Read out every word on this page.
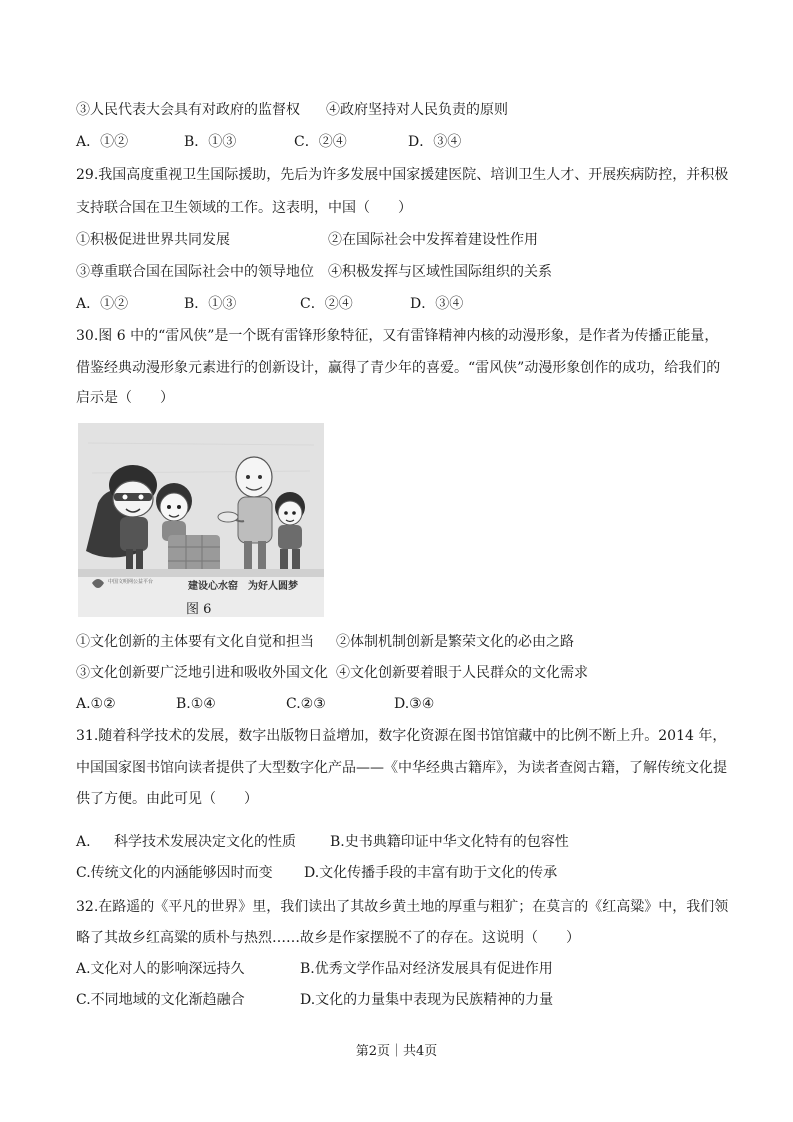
③人民代表大会具有对政府的监督权 ④政府坚持对人民负责的原则
A．①②	B．①③	C．②④	D．③④
29.我国高度重视卫生国际援助，先后为许多发展中国家援建医院、培训卫生人才、开展疾病防控，并积极
支持联合国在卫生领域的工作。这表明，中国（　　）
①积极促进世界共同发展	②在国际社会中发挥着建设性作用
③尊重联合国在国际社会中的领导地位 ④积极发挥与区域性国际组织的关系
A．①②	B．①③	C．②④	D．③④
30.图 6 中的“雷风侠”是一个既有雷锋形象特征，又有雷锋精神内核的动漫形象，是作者为传播正能量，
借鉴经典动漫形象元素进行的创新设计，赢得了青少年的喜爱。“雷风侠”动漫形象创作的成功，给我们的
启示是（　　）
中国文明网公益平台	建设心水窑　为好人圆梦
图 6
①文化创新的主体要有文化自觉和担当 ②体制机制创新是繁荣文化的必由之路
③文化创新要广泛地引进和吸收外国文化 ④文化创新要着眼于人民群众的文化需求
A.①②	B.①④	C.②③	D.③④
31.随着科学技术的发展，数字出版物日益增加，数字化资源在图书馆馆藏中的比例不断上升。2014 年，
中国国家图书馆向读者提供了大型数字化产品——《中华经典古籍库》，为读者查阅古籍，了解传统文化提
供了方便。由此可见（　　）
A. 科学技术发展决定文化的性质 B.史书典籍印证中华文化特有的包容性
C.传统文化的内涵能够因时而变 D.文化传播手段的丰富有助于文化的传承
32.在路遥的《平凡的世界》里，我们读出了其故乡黄土地的厚重与粗犷；在莫言的《红高粱》中，我们领
略了其故乡红高粱的质朴与热烈……故乡是作家摆脱不了的存在。这说明（　　）
A.文化对人的影响深远持久	B.优秀文学作品对经济发展具有促进作用
C.不同地域的文化渐趋融合	D.文化的力量集中表现为民族精神的力量
第2页｜共4页
